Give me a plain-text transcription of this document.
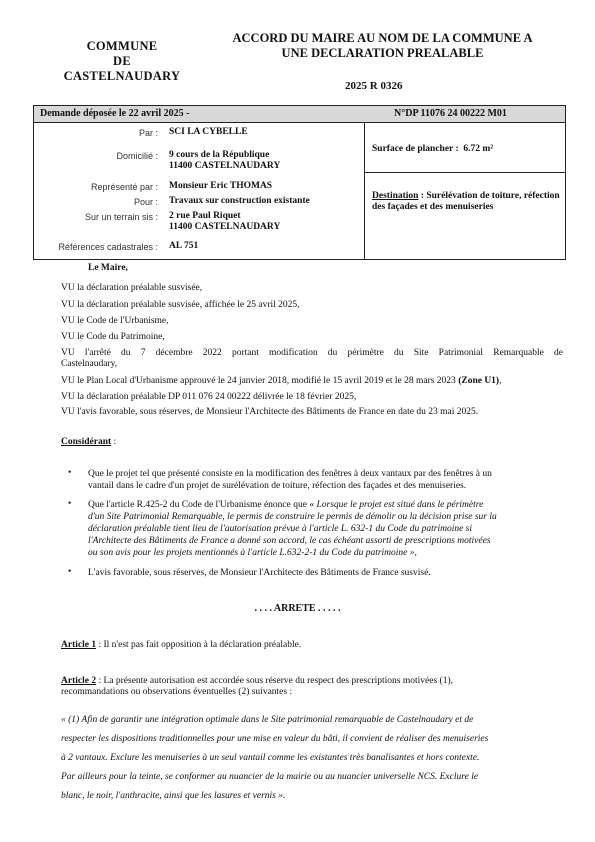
COMMUNE
DE
CASTELNAUDARY
ACCORD DU MAIRE AU NOM DE LA COMMUNE A
UNE DECLARATION PREALABLE
2025 R 0326
Demande déposée le 22 avril 2025 -	N°DP 11076 24 00222 M01
Par : SCI LA CYBELLE
Domicilié : 9 cours de la République
11400 CASTELNAUDARY
Représenté par : Monsieur Eric THOMAS
Pour : Travaux sur construction existante
Sur un terrain sis : 2 rue Paul Riquet
11400 CASTELNAUDARY
Références cadastrales : AL 751
Surface de plancher : 6.72 m²
Destination : Surélévation de toiture, réfection des façades et des menuiseries
Le Maire,
VU la déclaration préalable susvisée,
VU la déclaration préalable susvisée, affichée le 25 avril 2025,
VU le Code de l'Urbanisme,
VU le Code du Patrimoine,
VU l'arrêté du 7 décembre 2022 portant modification du périmètre du Site Patrimonial Remarquable de
Castelnaudary,
VU le Plan Local d'Urbanisme approuvé le 24 janvier 2018, modifié le 15 avril 2019 et le 28 mars 2023 (Zone U1),
VU la déclaration préalable DP 011 076 24 00222 délivrée le 18 février 2025,
VU l'avis favorable, sous réserves, de Monsieur l'Architecte des Bâtiments de France en date du 23 mai 2025.
Considérant :
• Que le projet tel que présenté consiste en la modification des fenêtres à deux vantaux par des fenêtres à un
vantail dans le cadre d'un projet de surélévation de toiture, réfection des façades et des menuiseries.
• Que l'article R.425-2 du Code de l'Urbanisme énonce que « Lorsque le projet est situé dans le périmètre
d'un Site Patrimonial Remarquable, le permis de construire le permis de démolir ou la décision prise sur la
déclaration préalable tient lieu de l'autorisation prévue à l'article L. 632-1 du Code du patrimoine si
l'Architecte des Bâtiments de France a donné son accord, le cas échéant assorti de prescriptions motivées
ou son avis pour les projets mentionnés à l'article L.632-2-1 du Code du patrimoine »,
• L'avis favorable, sous réserves, de Monsieur l'Architecte des Bâtiments de France susvisé.
. . . . ARRETE . . . . .
Article 1 : Il n'est pas fait opposition à la déclaration préalable.
Article 2 : La présente autorisation est accordée sous réserve du respect des prescriptions motivées (1),
recommandations ou observations éventuelles (2) suivantes :
« (1) Afin de garantir une intégration optimale dans le Site patrimonial remarquable de Castelnaudary et de
respecter les dispositions traditionnelles pour une mise en valeur du bâti, il convient de réaliser des menuiseries
à 2 vantaux. Exclure les menuiseries à un seul vantail comme les existantes très banalisantes et hors contexte.
Par ailleurs pour la teinte, se conformer au nuancier de la mairie ou au nuancier universelle NCS. Exclure le
blanc, le noir, l'anthracite, ainsi que les lasures et vernis ».
